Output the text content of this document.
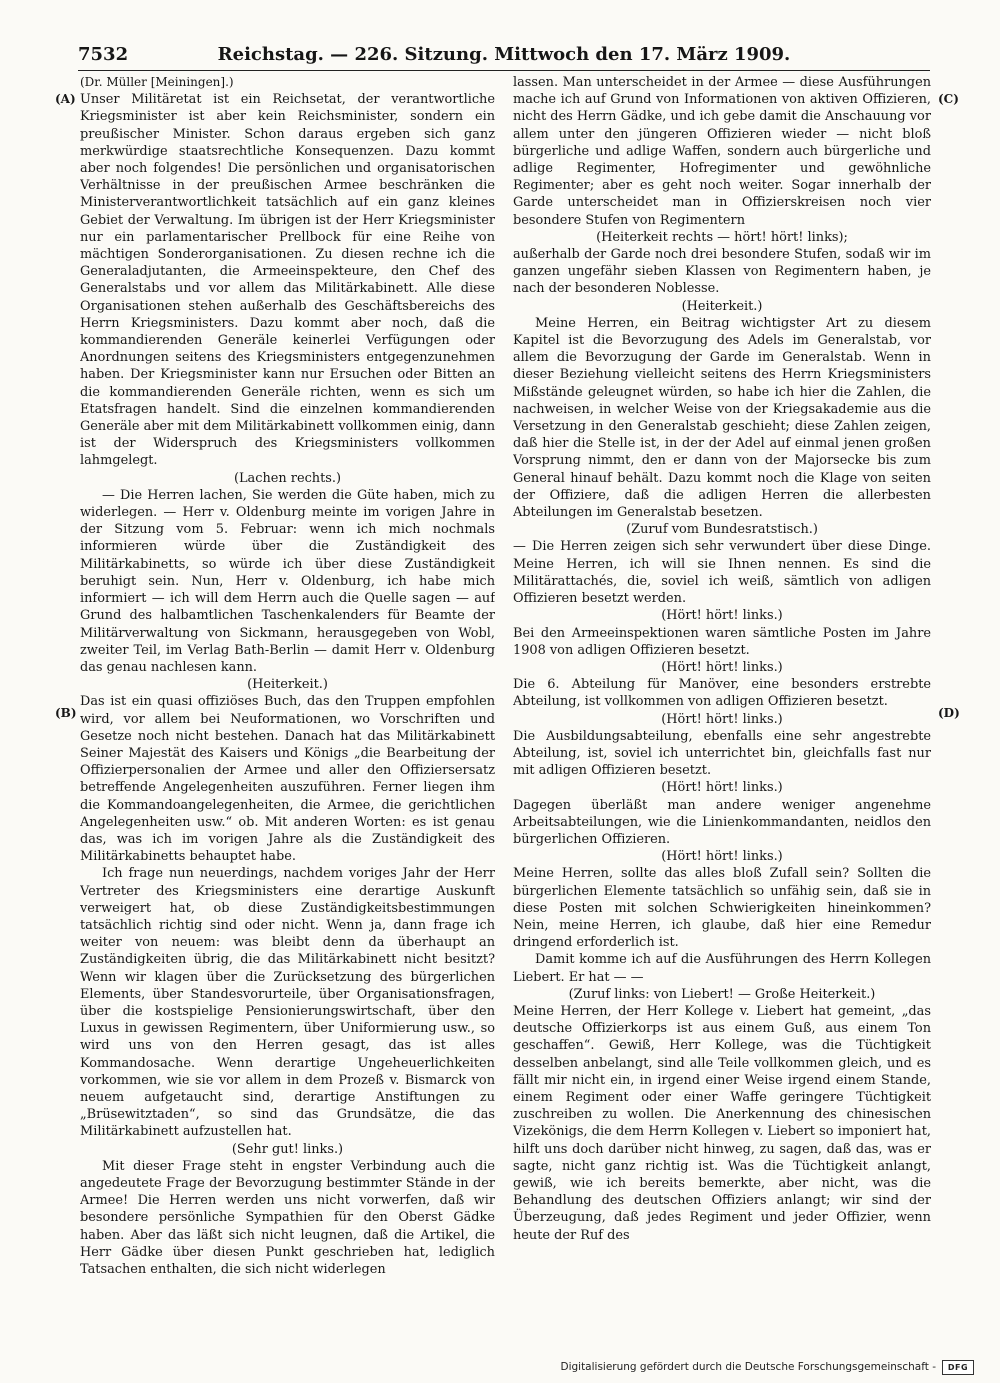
7532	Reichstag. — 226. Sitzung. Mittwoch den 17. März 1909.
(A)
(B)
(C)
(D)

(Dr. Müller [Meiningen].)

Unser Militäretat ist ein Reichsetat, der verantwortliche Kriegsminister ist aber kein Reichsminister, sondern ein preußischer Minister. Schon daraus ergeben sich ganz merkwürdige staatsrechtliche Konsequenzen. Dazu kommt aber noch folgendes! Die persönlichen und organisatorischen Verhältnisse in der preußischen Armee beschränken die Ministerverantwortlichkeit tatsächlich auf ein ganz kleines Gebiet der Verwaltung. Im übrigen ist der Herr Kriegsminister nur ein parlamentarischer Prellbock für eine Reihe von mächtigen Sonderorganisationen. Zu diesen rechne ich die Generaladjutanten, die Armeeinspekteure, den Chef des Generalstabs und vor allem das Militärkabinett. Alle diese Organisationen stehen außerhalb des Geschäftsbereichs des Herrn Kriegsministers. Dazu kommt aber noch, daß die kommandierenden Generäle keinerlei Verfügungen oder Anordnungen seitens des Kriegsministers entgegenzunehmen haben. Der Kriegsminister kann nur Ersuchen oder Bitten an die kommandierenden Generäle richten, wenn es sich um Etatsfragen handelt. Sind die einzelnen kommandierenden Generäle aber mit dem Militärkabinett vollkommen einig, dann ist der Widerspruch des Kriegsministers vollkommen lahmgelegt.

(Lachen rechts.)

— Die Herren lachen, Sie werden die Güte haben, mich zu widerlegen. — Herr v. Oldenburg meinte im vorigen Jahre in der Sitzung vom 5. Februar: wenn ich mich nochmals informieren würde über die Zuständigkeit des Militärkabinetts, so würde ich über diese Zuständigkeit beruhigt sein. Nun, Herr v. Oldenburg, ich habe mich informiert — ich will dem Herrn auch die Quelle sagen — auf Grund des halbamtlichen Taschenkalenders für Beamte der Militärverwaltung von Sickmann, herausgegeben von Wobl, zweiter Teil, im Verlag Bath-Berlin — damit Herr v. Oldenburg das genau nachlesen kann.

(Heiterkeit.)

Das ist ein quasi offiziöses Buch, das den Truppen empfohlen wird, vor allem bei Neuformationen, wo Vorschriften und Gesetze noch nicht bestehen. Danach hat das Militärkabinett Seiner Majestät des Kaisers und Königs „die Bearbeitung der Offizierpersonalien der Armee und aller den Offiziersersatz betreffende Angelegenheiten auszuführen. Ferner liegen ihm die Kommandoangelegenheiten, die Armee, die gerichtlichen Angelegenheiten usw.“ ob. Mit anderen Worten: es ist genau das, was ich im vorigen Jahre als die Zuständigkeit des Militärkabinetts behauptet habe.

Ich frage nun neuerdings, nachdem voriges Jahr der Herr Vertreter des Kriegsministers eine derartige Auskunft verweigert hat, ob diese Zuständigkeitsbestimmungen tatsächlich richtig sind oder nicht. Wenn ja, dann frage ich weiter von neuem: was bleibt denn da überhaupt an Zuständigkeiten übrig, die das Militärkabinett nicht besitzt? Wenn wir klagen über die Zurücksetzung des bürgerlichen Elements, über Standesvorurteile, über Organisationsfragen, über die kostspielige Pensionierungswirtschaft, über den Luxus in gewissen Regimentern, über Uniformierung usw., so wird uns von den Herren gesagt, das ist alles Kommandosache. Wenn derartige Ungeheuerlichkeiten vorkommen, wie sie vor allem in dem Prozeß v. Bismarck von neuem aufgetaucht sind, derartige Anstiftungen zu „Brüsewitztaden“, so sind das Grundsätze, die das Militärkabinett aufzustellen hat.

(Sehr gut! links.)

Mit dieser Frage steht in engster Verbindung auch die angedeutete Frage der Bevorzugung bestimmter Stände in der Armee! Die Herren werden uns nicht vorwerfen, daß wir besondere persönliche Sympathien für den Oberst Gädke haben. Aber das läßt sich nicht leugnen, daß die Artikel, die Herr Gädke über diesen Punkt geschrieben hat, lediglich Tatsachen enthalten, die sich nicht widerlegen

lassen. Man unterscheidet in der Armee — diese Ausführungen mache ich auf Grund von Informationen von aktiven Offizieren, nicht des Herrn Gädke, und ich gebe damit die Anschauung vor allem unter den jüngeren Offizieren wieder — nicht bloß bürgerliche und adlige Waffen, sondern auch bürgerliche und adlige Regimenter, Hofregimenter und gewöhnliche Regimenter; aber es geht noch weiter. Sogar innerhalb der Garde unterscheidet man in Offizierskreisen noch vier besondere Stufen von Regimentern

(Heiterkeit rechts — hört! hört! links);

außerhalb der Garde noch drei besondere Stufen, sodaß wir im ganzen ungefähr sieben Klassen von Regimentern haben, je nach der besonderen Noblesse.

(Heiterkeit.)

Meine Herren, ein Beitrag wichtigster Art zu diesem Kapitel ist die Bevorzugung des Adels im Generalstab, vor allem die Bevorzugung der Garde im Generalstab. Wenn in dieser Beziehung vielleicht seitens des Herrn Kriegsministers Mißstände geleugnet würden, so habe ich hier die Zahlen, die nachweisen, in welcher Weise von der Kriegsakademie aus die Versetzung in den Generalstab geschieht; diese Zahlen zeigen, daß hier die Stelle ist, in der der Adel auf einmal jenen großen Vorsprung nimmt, den er dann von der Majorsecke bis zum General hinauf behält. Dazu kommt noch die Klage von seiten der Offiziere, daß die adligen Herren die allerbesten Abteilungen im Generalstab besetzen.

(Zuruf vom Bundesratstisch.)

— Die Herren zeigen sich sehr verwundert über diese Dinge. Meine Herren, ich will sie Ihnen nennen. Es sind die Militärattachés, die, soviel ich weiß, sämtlich von adligen Offizieren besetzt werden.

(Hört! hört! links.)

Bei den Armeeinspektionen waren sämtliche Posten im Jahre 1908 von adligen Offizieren besetzt.

(Hört! hört! links.)

Die 6. Abteilung für Manöver, eine besonders erstrebte Abteilung, ist vollkommen von adligen Offizieren besetzt.

(Hört! hört! links.)

Die Ausbildungsabteilung, ebenfalls eine sehr angestrebte Abteilung, ist, soviel ich unterrichtet bin, gleichfalls fast nur mit adligen Offizieren besetzt.

(Hört! hört! links.)

Dagegen überläßt man andere weniger angenehme Arbeitsabteilungen, wie die Linienkommandanten, neidlos den bürgerlichen Offizieren.

(Hört! hört! links.)

Meine Herren, sollte das alles bloß Zufall sein? Sollten die bürgerlichen Elemente tatsächlich so unfähig sein, daß sie in diese Posten mit solchen Schwierigkeiten hineinkommen? Nein, meine Herren, ich glaube, daß hier eine Remedur dringend erforderlich ist.

Damit komme ich auf die Ausführungen des Herrn Kollegen Liebert. Er hat — —

(Zuruf links: von Liebert! — Große Heiterkeit.)

Meine Herren, der Herr Kollege v. Liebert hat gemeint, „das deutsche Offizierkorps ist aus einem Guß, aus einem Ton geschaffen“. Gewiß, Herr Kollege, was die Tüchtigkeit desselben anbelangt, sind alle Teile vollkommen gleich, und es fällt mir nicht ein, in irgend einer Weise irgend einem Stande, einem Regiment oder einer Waffe geringere Tüchtigkeit zuschreiben zu wollen. Die Anerkennung des chinesischen Vizekönigs, die dem Herrn Kollegen v. Liebert so imponiert hat, hilft uns doch darüber nicht hinweg, zu sagen, daß das, was er sagte, nicht ganz richtig ist. Was die Tüchtigkeit anlangt, gewiß, wie ich bereits bemerkte, aber nicht, was die Behandlung des deutschen Offiziers anlangt; wir sind der Überzeugung, daß jedes Regiment und jeder Offizier, wenn heute der Ruf des

Digitalisierung gefördert durch die Deutsche Forschungsgemeinschaft - DFG
